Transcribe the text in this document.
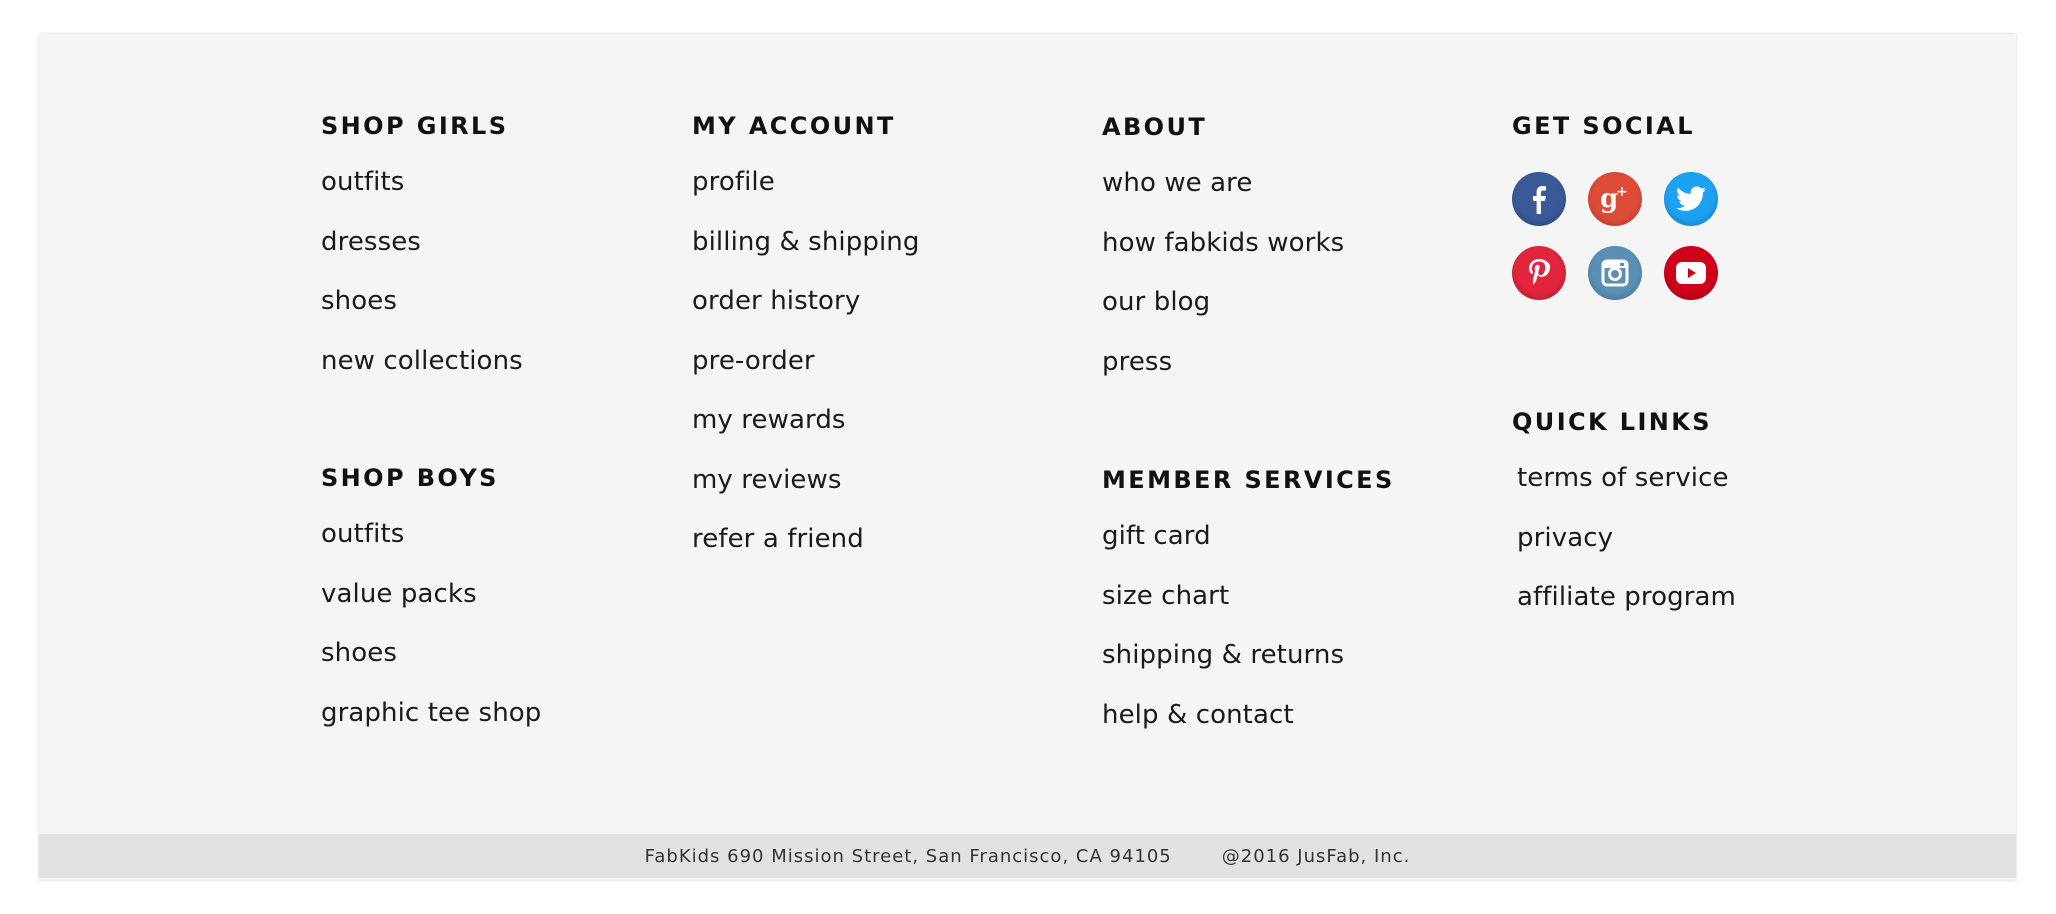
SHOP GIRLS
outfits
dresses
shoes
new collections
SHOP BOYS
outfits
value packs
shoes
graphic tee shop
MY ACCOUNT
profile
billing & shipping
order history
pre-order
my rewards
my reviews
refer a friend
ABOUT
who we are
how fabkids works
our blog
press
MEMBER SERVICES
gift card
size chart
shipping & returns
help & contact
GET SOCIAL
g
+
QUICK LINKS
terms of service
privacy
affiliate program
FabKids 690 Mission Street, San Francisco, CA 94105	@2016 JusFab, Inc.
